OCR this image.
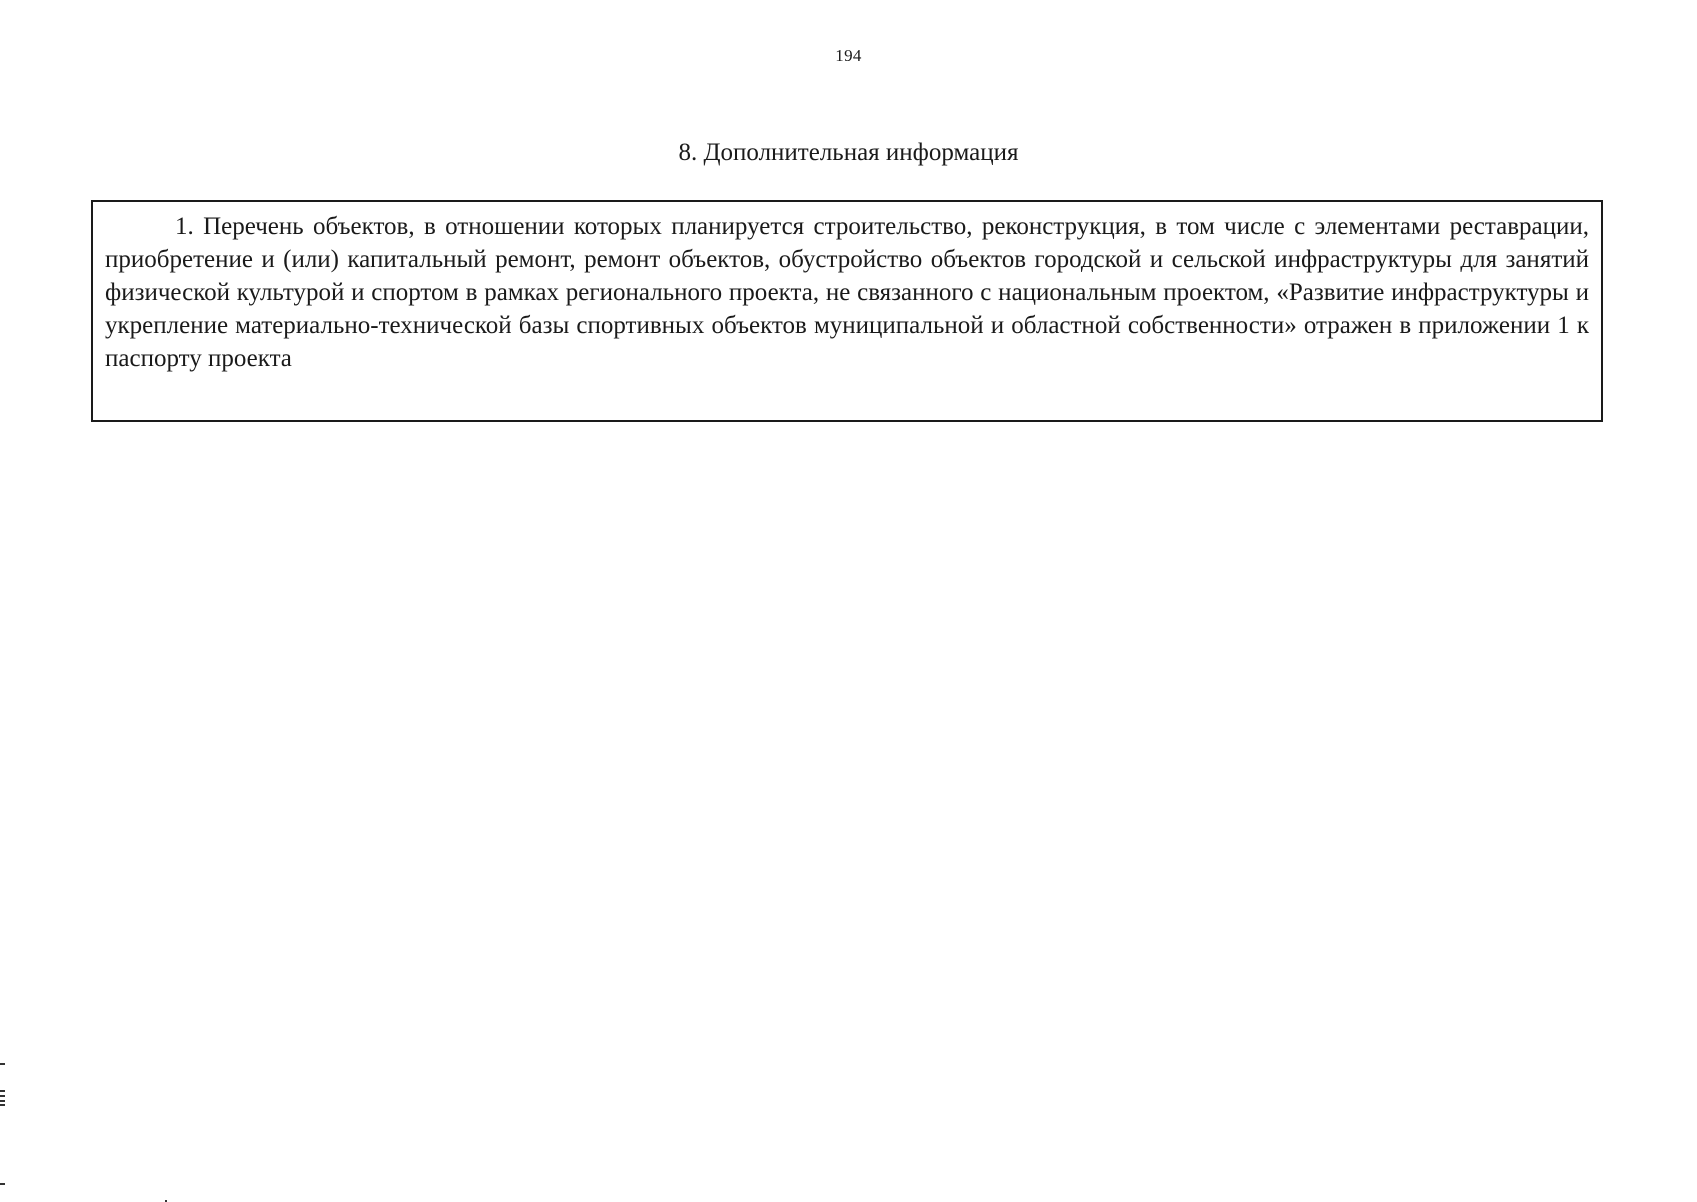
194
8. Дополнительная информация

1. Перечень объектов, в отношении которых планируется строительство, реконструкция, в том числе с элементами реставрации, приобретение и (или) капитальный ремонт, ремонт объектов, обустройство объектов городской и сельской инфраструктуры для занятий физической культурой и спортом в рамках регионального проекта, не связанного с национальным проектом, «Развитие инфраструктуры и укрепление материально-технической базы спортивных объектов муниципальной и областной собственности» отражен в приложении 1 к паспорту проекта
